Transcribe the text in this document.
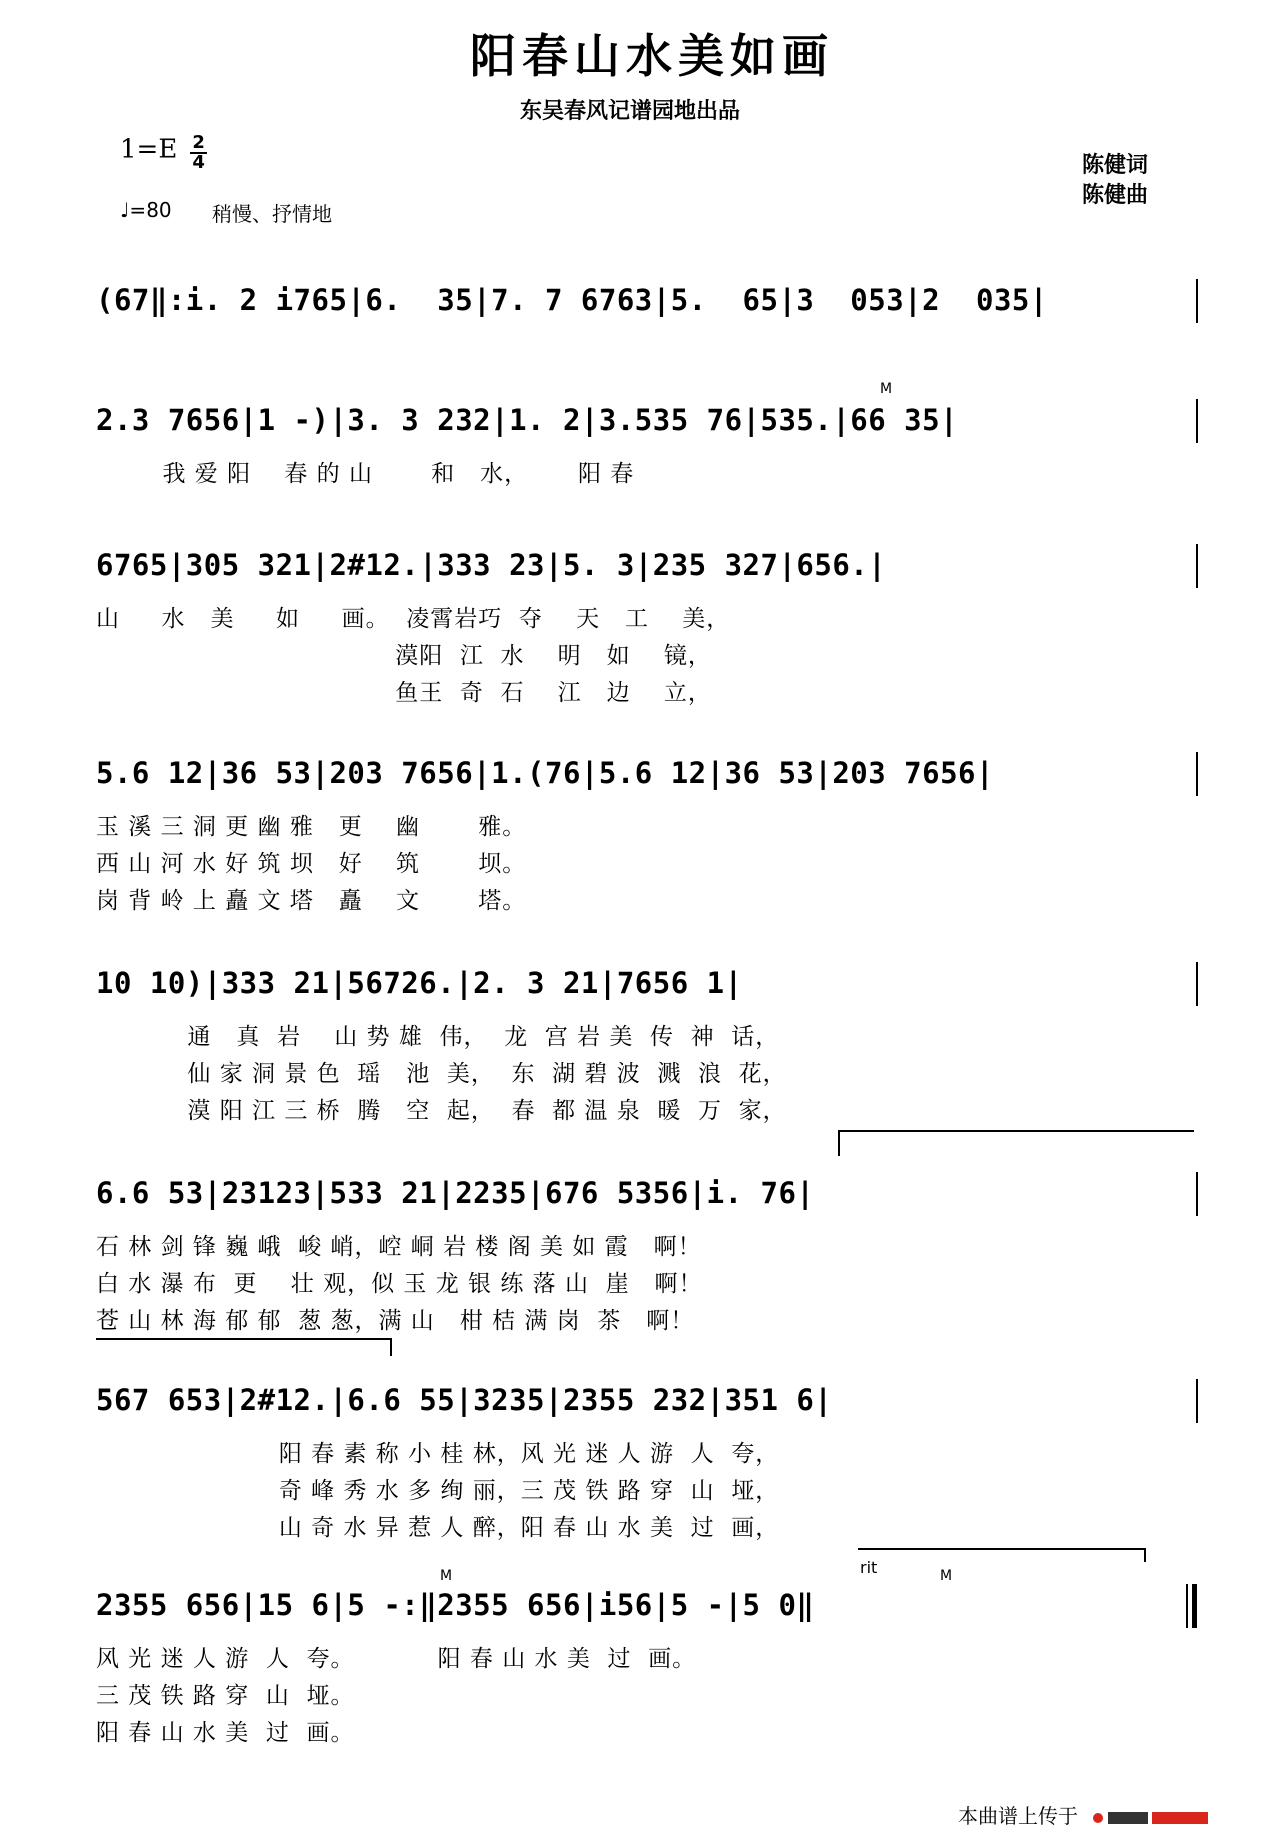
阳春山水美如画
东吴春风记谱园地出品
$1=E \frac{2}{4}$
♩=80 稍慢、抒情地
陈健词
陈健曲
(67‖:i. 2 i765|6.  35|7. 7 6763|5.  65|3  053|2  035|
2.3 7656|1 -)|3. 3 232|1. 2|3.535 76|535.|66 35|
M
我 爱 阳    春 的 山       和   水，      阳 春
6765|305 321|2#12.|333 23|5. 3|235 327|656.|
山     水   美     如     画。  凌霄岩巧  夺    天   工    美，
漠阳  江  水    明   如    镜，
鱼王  奇  石    江   边    立，
5.6 12|36 53|203 7656|1.(76|5.6 12|36 53|203 7656|
玉 溪 三 洞 更 幽 雅   更    幽       雅。
西 山 河 水 好 筑 坝   好    筑       坝。
岗 背 岭 上 矗 文 塔   矗    文       塔。
10 10)|333 21|56726.|2. 3 21|7656 1|
通   真  岩    山 势 雄  伟，  龙  宫 岩 美  传  神  话，
仙 家 洞 景 色  瑶   池  美，  东  湖 碧 波  溅  浪  花，
漠 阳 江 三 桥  腾   空  起，  春  都 温 泉  暖  万  家，
6.6 53|23123|533 21|2235|676 5356|i. 76|
石 林 剑 锋 巍 峨  峻 峭，崆 峒 岩 楼 阁 美 如 霞   啊！
白 水 瀑 布  更    壮 观，似 玉 龙 银 练 落 山  崖   啊！
苍 山 林 海 郁 郁  葱 葱，满 山   柑 桔 满 岗  茶   啊！
567 653|2#12.|6.6 55|3235|2355 232|351 6|
阳 春 素 称 小 桂 林，风 光 迷 人 游  人  夸，
奇 峰 秀 水 多 绚 丽，三 茂 铁 路 穿  山  垭，
山 奇 水 异 惹 人 醉，阳 春 山 水 美  过  画，
M	M
rit
2355 656|15 6|5 -:‖2355 656|i56|5 -|5 0‖
风 光 迷 人 游  人  夸。          阳 春 山 水 美  过  画。
三 茂 铁 路 穿  山  垭。
阳 春 山 水 美  过  画。
本曲谱上传于
